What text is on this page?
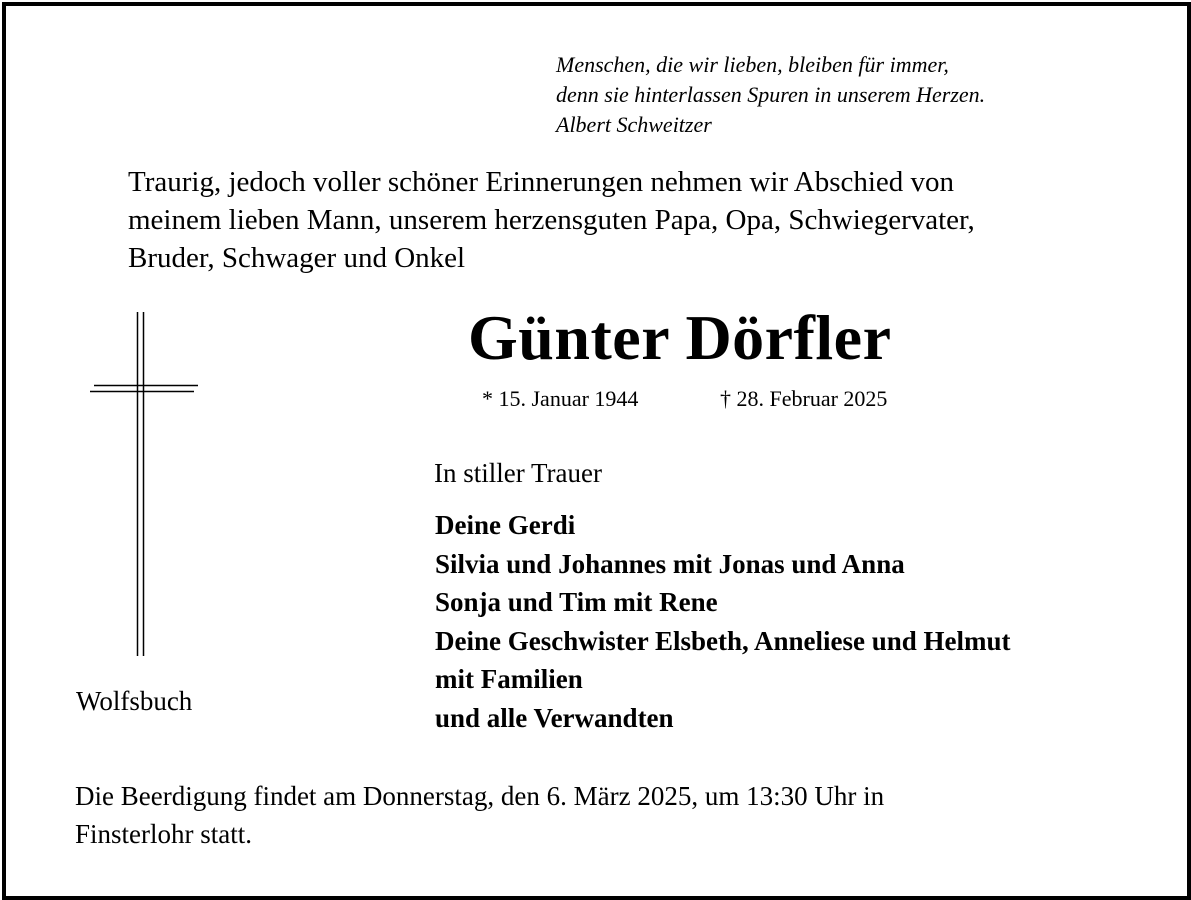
Menschen, die wir lieben, bleiben für immer,
denn sie hinterlassen Spuren in unserem Herzen.
Albert Schweitzer
Traurig, jedoch voller schöner Erinnerungen nehmen wir Abschied von
meinem lieben Mann, unserem herzensguten Papa, Opa, Schwiegervater,
Bruder, Schwager und Onkel
Günter Dörfler
* 15. Januar 1944	† 28. Februar 2025
In stiller Trauer
Deine Gerdi
Silvia und Johannes mit Jonas und Anna
Sonja und Tim mit Rene
Deine Geschwister Elsbeth, Anneliese und Helmut
mit Familien
und alle Verwandten
Wolfsbuch
Die Beerdigung findet am Donnerstag, den 6. März 2025, um 13:30 Uhr in
Finsterlohr statt.
